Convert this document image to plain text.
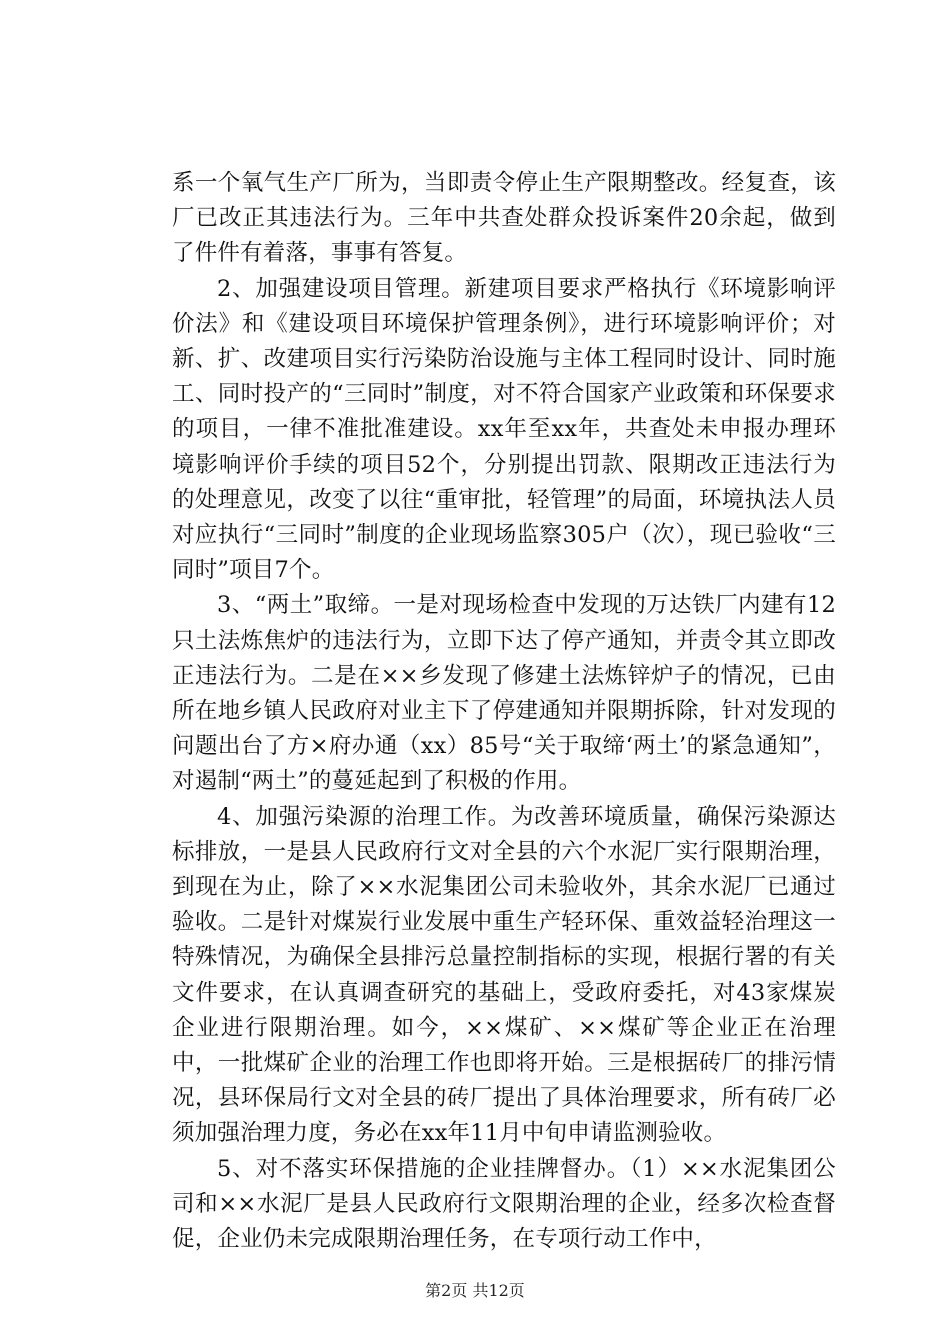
系一个氧气生产厂所为，当即责令停止生产限期整改。经复查，该厂已改正其违法行为。三年中共查处群众投诉案件20余起，做到了件件有着落，事事有答复。

2、加强建设项目管理。新建项目要求严格执行《环境影响评价法》和《建设项目环境保护管理条例》，进行环境影响评价；对新、扩、改建项目实行污染防治设施与主体工程同时设计、同时施工、同时投产的“三同时”制度，对不符合国家产业政策和环保要求的项目，一律不准批准建设。xx年至xx年，共查处未申报办理环境影响评价手续的项目52个，分别提出罚款、限期改正违法行为的处理意见，改变了以往“重审批，轻管理”的局面，环境执法人员对应执行“三同时”制度的企业现场监察305户（次），现已验收“三同时”项目7个。

3、“两土”取缔。一是对现场检查中发现的万达铁厂内建有12只土法炼焦炉的违法行为，立即下达了停产通知，并责令其立即改正违法行为。二是在××乡发现了修建土法炼锌炉子的情况，已由所在地乡镇人民政府对业主下了停建通知并限期拆除，针对发现的问题出台了方×府办通（xx）85号“关于取缔‘两土’的紧急通知”，对遏制“两土”的蔓延起到了积极的作用。

4、加强污染源的治理工作。为改善环境质量，确保污染源达标排放，一是县人民政府行文对全县的六个水泥厂实行限期治理，到现在为止，除了××水泥集团公司未验收外，其余水泥厂已通过验收。二是针对煤炭行业发展中重生产轻环保、重效益轻治理这一特殊情况，为确保全县排污总量控制指标的实现，根据行署的有关文件要求，在认真调查研究的基础上，受政府委托，对43家煤炭企业进行限期治理。如今，××煤矿、××煤矿等企业正在治理中，一批煤矿企业的治理工作也即将开始。三是根据砖厂的排污情况，县环保局行文对全县的砖厂提出了具体治理要求，所有砖厂必须加强治理力度，务必在xx年11月中旬申请监测验收。

5、对不落实环保措施的企业挂牌督办。（1）××水泥集团公司和××水泥厂是县人民政府行文限期治理的企业，经多次检查督促，企业仍未完成限期治理任务，在专项行动工作中，

第2页 共12页
